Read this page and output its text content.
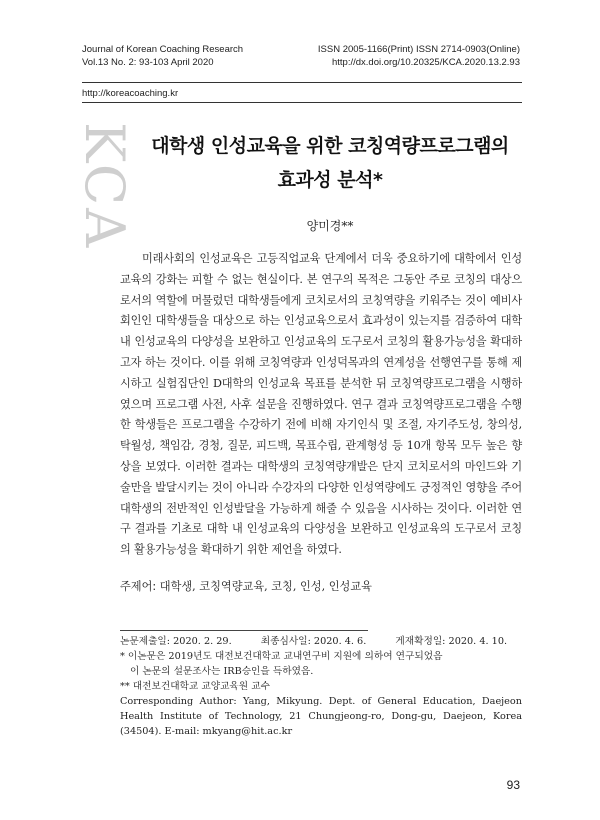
Journal of Korean Coaching Research
Vol.13 No. 2: 93-103 April 2020
ISSN 2005-1166(Print) ISSN 2714-0903(Online)
http://dx.doi.org/10.20325/KCA.2020.13.2.93
http://koreacoaching.kr
KCA 대학생 인성교육을 위한 코칭역량프로그램의
효과성 분석*
양미경**
미래사회의 인성교육은 고등직업교육 단계에서 더욱 중요하기에 대학에서 인성교육의 강화는 피할 수 없는 현실이다. 본 연구의 목적은 그동안 주로 코칭의 대상으로서의 역할에 머물렀던 대학생들에게 코치로서의 코칭역량을 키워주는 것이 예비사회인인 대학생들을 대상으로 하는 인성교육으로서 효과성이 있는지를 검증하여 대학 내 인성교육의 다양성을 보완하고 인성교육의 도구로서 코칭의 활용가능성을 확대하고자 하는 것이다. 이를 위해 코칭역량과 인성덕목과의 연계성을 선행연구를 통해 제시하고 실험집단인 D대학의 인성교육 목표를 분석한 뒤 코칭역량프로그램을 시행하였으며 프로그램 사전, 사후 설문을 진행하였다. 연구 결과 코칭역량프로그램을 수행한 학생들은 프로그램을 수강하기 전에 비해 자기인식 및 조절, 자기주도성, 창의성, 탁월성, 책임감, 경청, 질문, 피드백, 목표수립, 관계형성 등 10개 항목 모두 높은 향상을 보였다. 이러한 결과는 대학생의 코칭역량개발은 단지 코치로서의 마인드와 기술만을 발달시키는 것이 아니라 수강자의 다양한 인성역량에도 긍정적인 영향을 주어 대학생의 전반적인 인성발달을 가능하게 해줄 수 있음을 시사하는 것이다. 이러한 연구 결과를 기초로 대학 내 인성교육의 다양성을 보완하고 인성교육의 도구로서 코칭의 활용가능성을 확대하기 위한 제언을 하였다.
주제어: 대학생, 코칭역량교육, 코칭, 인성, 인성교육
논문제출일: 2020. 2. 29.	최종심사일: 2020. 4. 6.	게재확정일: 2020. 4. 10.
* 이논문은 2019년도 대전보건대학교 교내연구비 지원에 의하여 연구되었음
이 논문의 설문조사는 IRB승인을 득하였음.
** 대전보건대학교 교양교육원 교수
Corresponding Author: Yang, Mikyung. Dept. of General Education, Daejeon Health Institute of Technology, 21 Chungjeong-ro, Dong-gu, Daejeon, Korea (34504). E-mail: mkyang@hit.ac.kr
93
